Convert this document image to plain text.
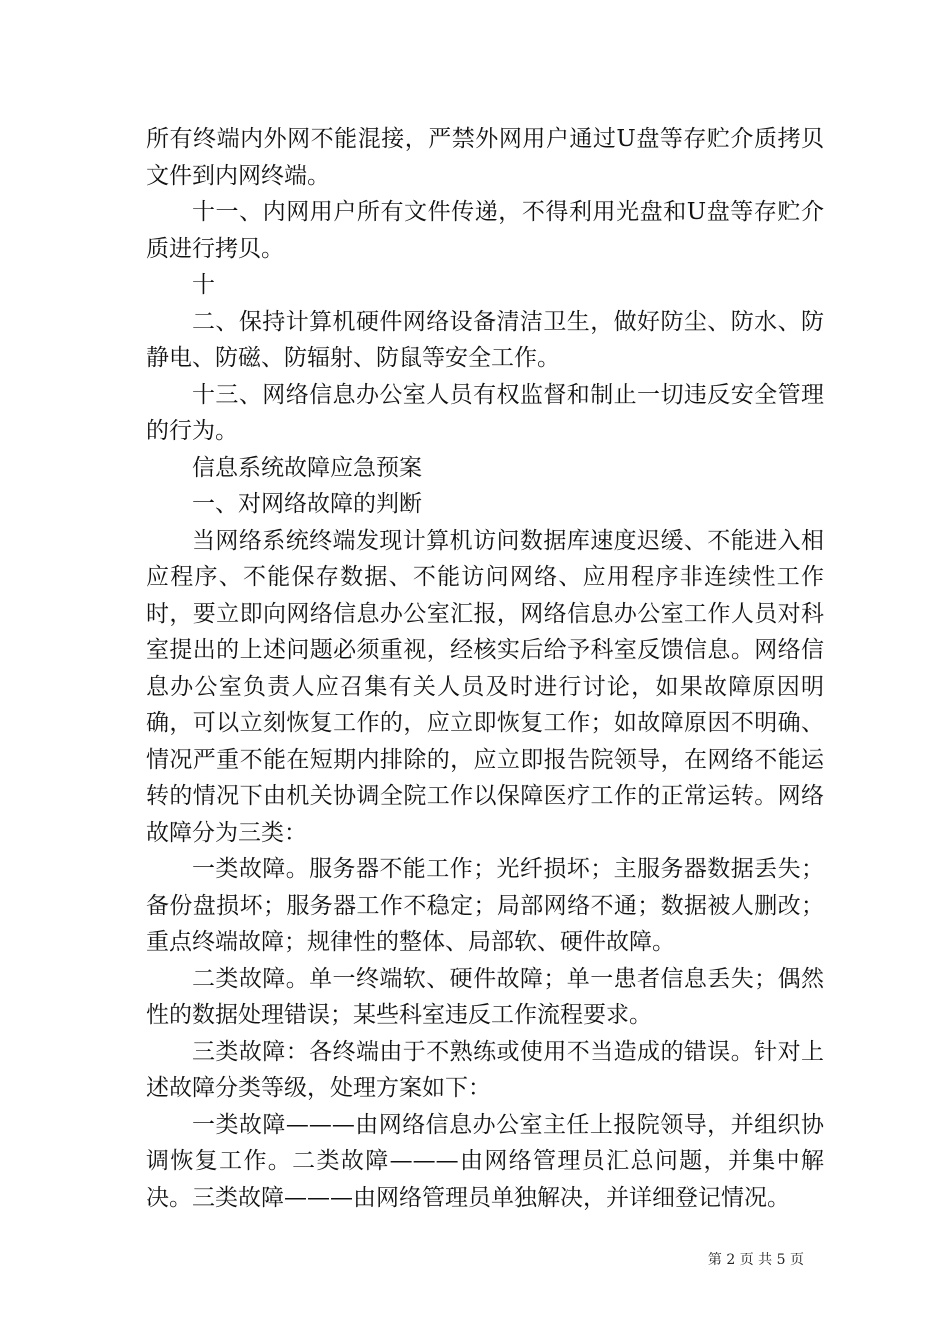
所有终端内外网不能混接，严禁外网用户通过U盘等存贮介质拷贝文件到内网终端。

十一、内网用户所有文件传递，不得利用光盘和U盘等存贮介质进行拷贝。

十

二、保持计算机硬件网络设备清洁卫生，做好防尘、防水、防静电、防磁、防辐射、防鼠等安全工作。

十三、网络信息办公室人员有权监督和制止一切违反安全管理的行为。

信息系统故障应急预案

一、对网络故障的判断

当网络系统终端发现计算机访问数据库速度迟缓、不能进入相应程序、不能保存数据、不能访问网络、应用程序非连续性工作时，要立即向网络信息办公室汇报，网络信息办公室工作人员对科室提出的上述问题必须重视，经核实后给予科室反馈信息。网络信息办公室负责人应召集有关人员及时进行讨论，如果故障原因明确，可以立刻恢复工作的，应立即恢复工作；如故障原因不明确、情况严重不能在短期内排除的，应立即报告院领导，在网络不能运转的情况下由机关协调全院工作以保障医疗工作的正常运转。网络故障分为三类：

一类故障。服务器不能工作；光纤损坏；主服务器数据丢失；备份盘损坏；服务器工作不稳定；局部网络不通；数据被人删改；重点终端故障；规律性的整体、局部软、硬件故障。

二类故障。单一终端软、硬件故障；单一患者信息丢失；偶然性的数据处理错误；某些科室违反工作流程要求。

三类故障：各终端由于不熟练或使用不当造成的错误。针对上述故障分类等级，处理方案如下：

一类故障———由网络信息办公室主任上报院领导，并组织协调恢复工作。二类故障———由网络管理员汇总问题，并集中解决。三类故障———由网络管理员单独解决，并详细登记情况。

第 2 页 共 5 页
